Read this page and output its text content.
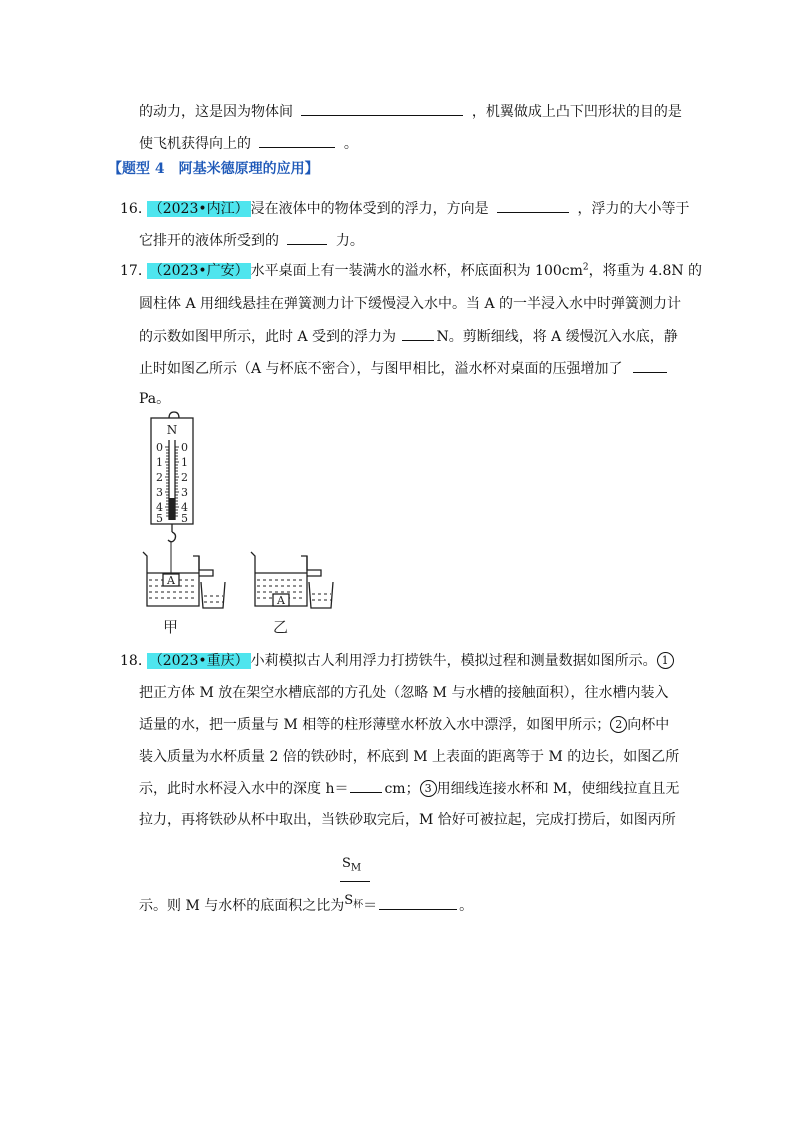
的动力，这是因为物体间	，机翼做成上凸下凹形状的目的是
使飞机获得向上的	。
【题型 4　阿基米德原理的应用】
16. （2023•内江） 浸在液体中的物体受到的浮力，方向是	，浮力的大小等于
它排开的液体所受到的	力。
17. （2023•广安） 水平桌面上有一装满水的溢水杯，杯底面积为 $100cm^2$，将重为 4.8N 的
圆柱体 A 用细线悬挂在弹簧测力计下缓慢浸入水中。当 A 的一半浸入水中时弹簧测力计
的示数如图甲所示，此时 A 受到的浮力为	N。剪断细线，将 A 缓慢沉入水底，静
止时如图乙所示（A 与杯底不密合），与图甲相比，溢水杯对桌面的压强增加了
Pa。
N
0
1
2
3
4
5
0
1
2
3
4
5
A
A
甲	乙
18. （2023•重庆） 小莉模拟古人利用浮力打捞铁牛，模拟过程和测量数据如图所示。 1
把正方体 M 放在架空水槽底部的方孔处（忽略 M 与水槽的接触面积），往水槽内装入
适量的水，把一质量与 M 相等的柱形薄壁水杯放入水中漂浮，如图甲所示； 2 向杯中
装入质量为水杯质量 2 倍的铁砂时，杯底到 M 上表面的距离等于 M 的边长，如图乙所
示，此时水杯浸入水中的深度 h＝	cm； 3 用细线连接水杯和 M，使细线拉直且无
拉力，再将铁砂从杯中取出，当铁砂取完后，M 恰好可被拉起，完成打捞后，如图丙所
$S_M$
示。则 M 与水杯的底面积之比为$S_杯=$	。
